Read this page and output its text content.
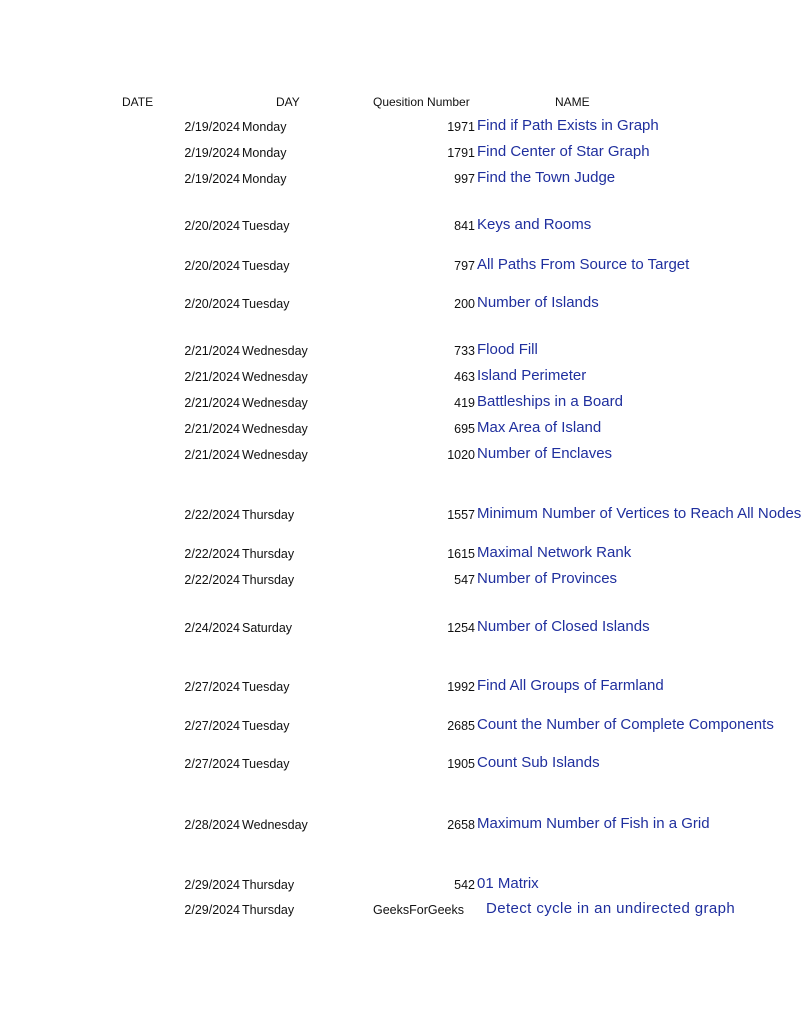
DATE	DAY	Quesition Number	NAME
2/19/2024 Monday	1971 Find if Path Exists in Graph
2/19/2024 Monday	1791 Find Center of Star Graph
2/19/2024 Monday	997 Find the Town Judge
2/20/2024 Tuesday	841 Keys and Rooms
2/20/2024 Tuesday	797 All Paths From Source to Target
2/20/2024 Tuesday	200 Number of Islands
2/21/2024 Wednesday	733 Flood Fill
2/21/2024 Wednesday	463 Island Perimeter
2/21/2024 Wednesday	419 Battleships in a Board
2/21/2024 Wednesday	695 Max Area of Island
2/21/2024 Wednesday	1020 Number of Enclaves
2/22/2024 Thursday	1557 Minimum Number of Vertices to Reach All Nodes
2/22/2024 Thursday	1615 Maximal Network Rank
2/22/2024 Thursday	547 Number of Provinces
2/24/2024 Saturday	1254 Number of Closed Islands
2/27/2024 Tuesday	1992 Find All Groups of Farmland
2/27/2024 Tuesday	2685 Count the Number of Complete Components
2/27/2024 Tuesday	1905 Count Sub Islands
2/28/2024 Wednesday	2658 Maximum Number of Fish in a Grid
2/29/2024 Thursday	542 01 Matrix
2/29/2024 Thursday	GeeksForGeeks Detect cycle in an undirected graph
